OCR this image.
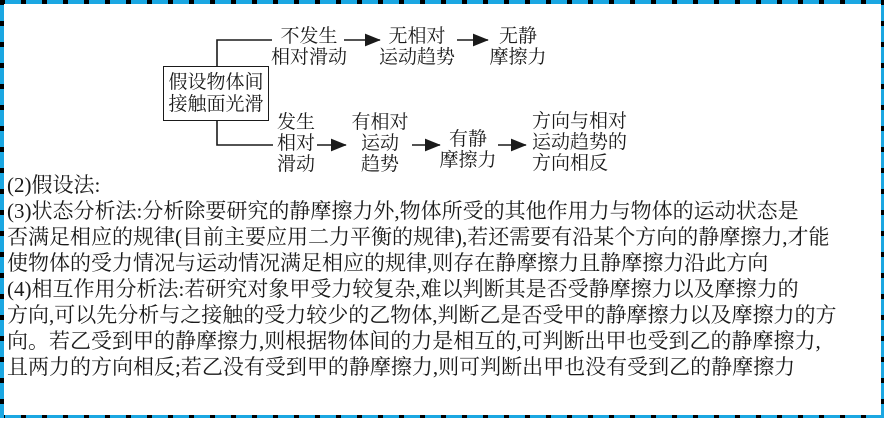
假设物体间
接触面光滑
不发生
相对滑动
无相对
运动趋势
无静
摩擦力
发生
相对
滑动
有相对
运动
趋势
有静
摩擦力
方向与相对
运动趋势的
方向相反
(2)假设法:
(3)状态分析法:分析除要研究的静摩擦力外,物体所受的其他作用力与物体的运动状态是
否满足相应的规律(目前主要应用二力平衡的规律),若还需要有沿某个方向的静摩擦力,才能
使物体的受力情况与运动情况满足相应的规律,则存在静摩擦力且静摩擦力沿此方向
(4)相互作用分析法:若研究对象甲受力较复杂,难以判断其是否受静摩擦力以及摩擦力的
方向,可以先分析与之接触的受力较少的乙物体,判断乙是否受甲的静摩擦力以及摩擦力的方
向。若乙受到甲的静摩擦力,则根据物体间的力是相互的,可判断出甲也受到乙的静摩擦力,
且两力的方向相反;若乙没有受到甲的静摩擦力,则可判断出甲也没有受到乙的静摩擦力
